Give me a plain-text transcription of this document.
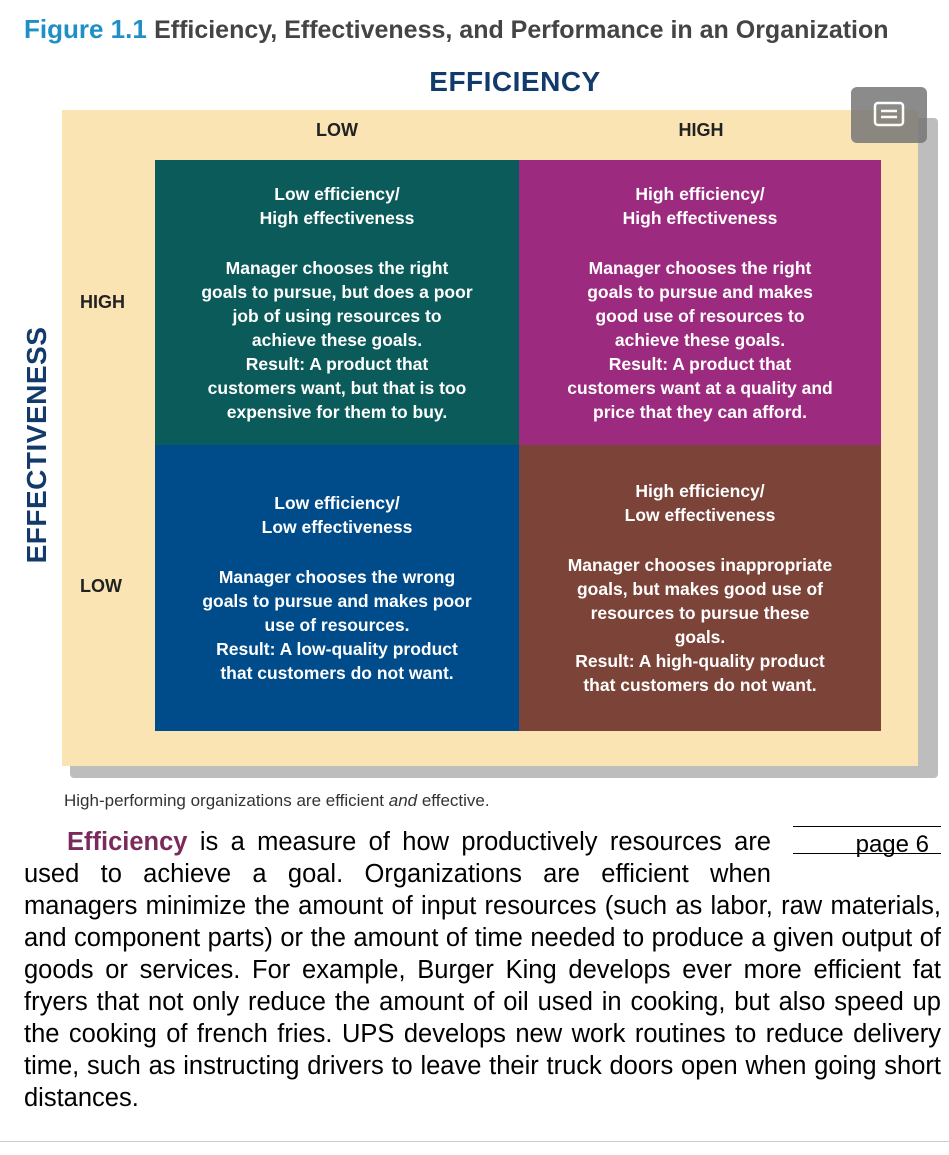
Figure 1.1 Efficiency, Effectiveness, and Performance in an Organization
EFFICIENCY
LOW	HIGH
HIGH
LOW
EFFECTIVENESS
Low efficiency/
High effectiveness
Manager chooses the right
goals to pursue, but does a poor
job of using resources to
achieve these goals.
Result: A product that
customers want, but that is too
expensive for them to buy.
High efficiency/
High effectiveness
Manager chooses the right
goals to pursue and makes
good use of resources to
achieve these goals.
Result: A product that
customers want at a quality and
price that they can afford.
Low efficiency/
Low effectiveness
Manager chooses the wrong
goals to pursue and makes poor
use of resources.
Result: A low-quality product
that customers do not want.
High efficiency/
Low effectiveness
Manager chooses inappropriate
goals, but makes good use of
resources to pursue these
goals.
Result: A high-quality product
that customers do not want.
High-performing organizations are efficient and effective.
page 6
Efficiency is a measure of how productively resources are used to achieve a goal. Organizations are efficient when managers minimize the amount of input resources (such as labor, raw materials, and component parts) or the amount of time needed to produce a given output of goods or services. For example, Burger King develops ever more efficient fat fryers that not only reduce the amount of oil used in cooking, but also speed up the cooking of french fries. UPS develops new work routines to reduce delivery time, such as instructing drivers to leave their truck doors open when going short distances.
